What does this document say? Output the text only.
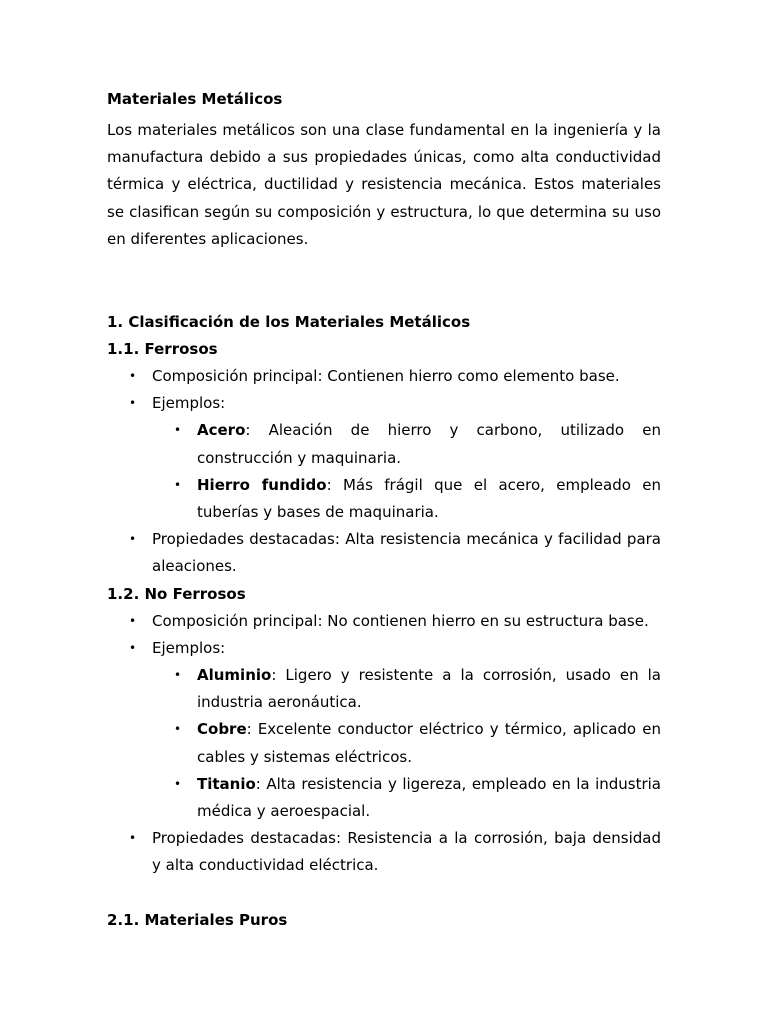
Materiales Metálicos

Los materiales metálicos son una clase fundamental en la ingeniería y la manufactura debido a sus propiedades únicas, como alta conductividad térmica y eléctrica, ductilidad y resistencia mecánica. Estos materiales se clasifican según su composición y estructura, lo que determina su uso en diferentes aplicaciones.

1. Clasificación de los Materiales Metálicos

1.1. Ferrosos

• Composición principal: Contienen hierro como elemento base.
• Ejemplos:
• Acero: Aleación de hierro y carbono, utilizado en construcción y maquinaria.
• Hierro fundido: Más frágil que el acero, empleado en tuberías y bases de maquinaria.
• Propiedades destacadas: Alta resistencia mecánica y facilidad para aleaciones.

1.2. No Ferrosos

• Composición principal: No contienen hierro en su estructura base.
• Ejemplos:
• Aluminio: Ligero y resistente a la corrosión, usado en la industria aeronáutica.
• Cobre: Excelente conductor eléctrico y térmico, aplicado en cables y sistemas eléctricos.
• Titanio: Alta resistencia y ligereza, empleado en la industria médica y aeroespacial.
• Propiedades destacadas: Resistencia a la corrosión, baja densidad y alta conductividad eléctrica.

2.1. Materiales Puros
